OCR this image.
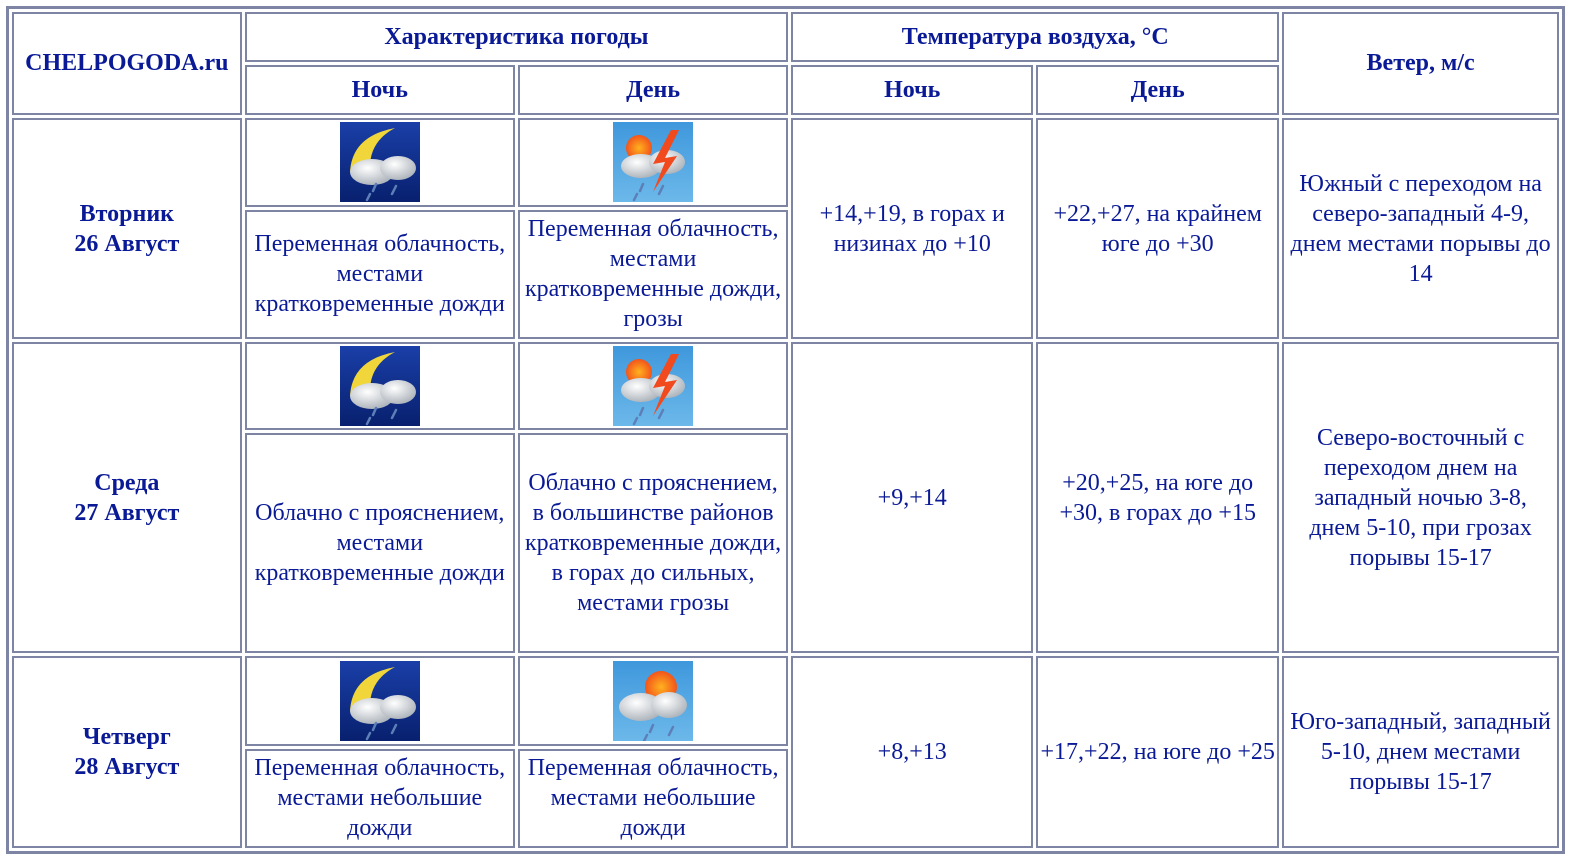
CHELPOGODA.ru	Характеристика погоды		Температура воздуха, °C		Ветер, м/с
	Ночь	День	Ночь	День	
Вторник
26 Август			+14,+19, в горах и низинах до +10	+22,+27, на крайнем юге до +30	Южный с переходом на северо-западный 4-9, днем местами порывы до 14
	Переменная облачность, местами кратковременные дожди	Переменная облачность, местами кратковременные дожди, грозы			
Среда
27 Август			+9,+14	+20,+25, на юге до +30, в горах до +15	Северо-восточный с переходом днем на западный ночью 3-8, днем 5-10, при грозах порывы 15-17
	Облачно с прояснением, местами кратковременные дожди	Облачно с прояснением, в большинстве районов кратковременные дожди, в горах до сильных, местами грозы			
Четверг
28 Август			+8,+13	+17,+22, на юге до +25	Юго-западный, западный 5-10, днем местами порывы 15-17
	Переменная облачность, местами небольшие дожди	Переменная облачность, местами небольшие дожди			
